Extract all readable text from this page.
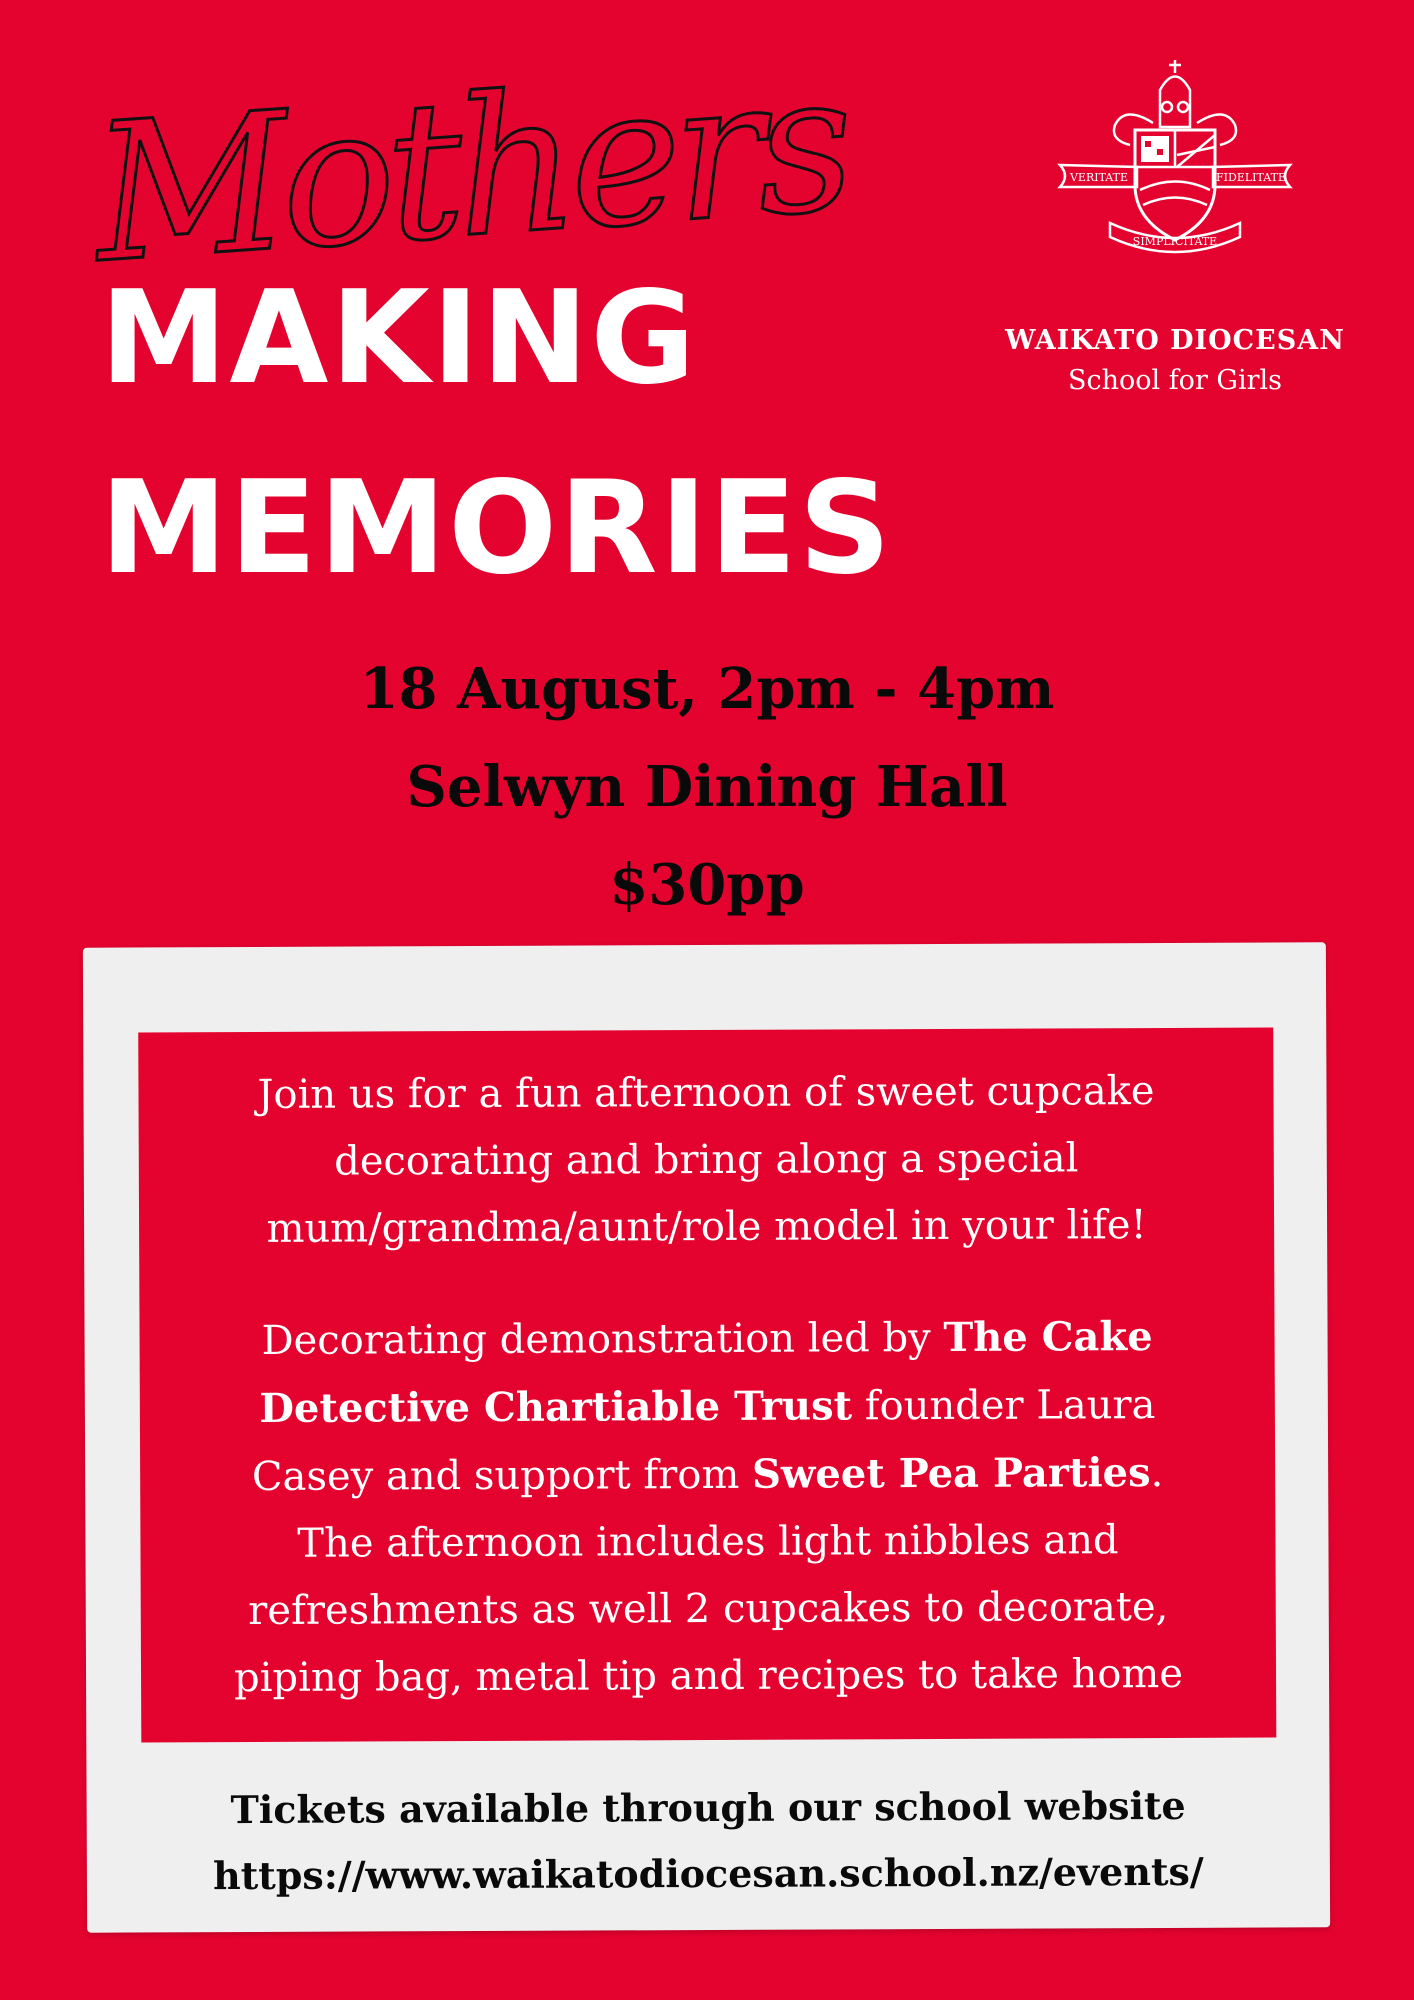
Mothers
MAKING
MEMORIES
VERITATE	FIDELITATE
SIMPLICITATE

WAIKATO DIOCESAN

School for Girls

18 August, 2pm - 4pm

Selwyn Dining Hall

$30pp

Join us for a fun afternoon of sweet cupcake
decorating and bring along a special
mum/grandma/aunt/role model in your life!

Decorating demonstration led by The Cake
Detective Chartiable Trust founder Laura
Casey and support from Sweet Pea Parties.
The afternoon includes light nibbles and
refreshments as well 2 cupcakes to decorate,
piping bag, metal tip and recipes to take home

Tickets available through our school website

https://www.waikatodiocesan.school.nz/events/
